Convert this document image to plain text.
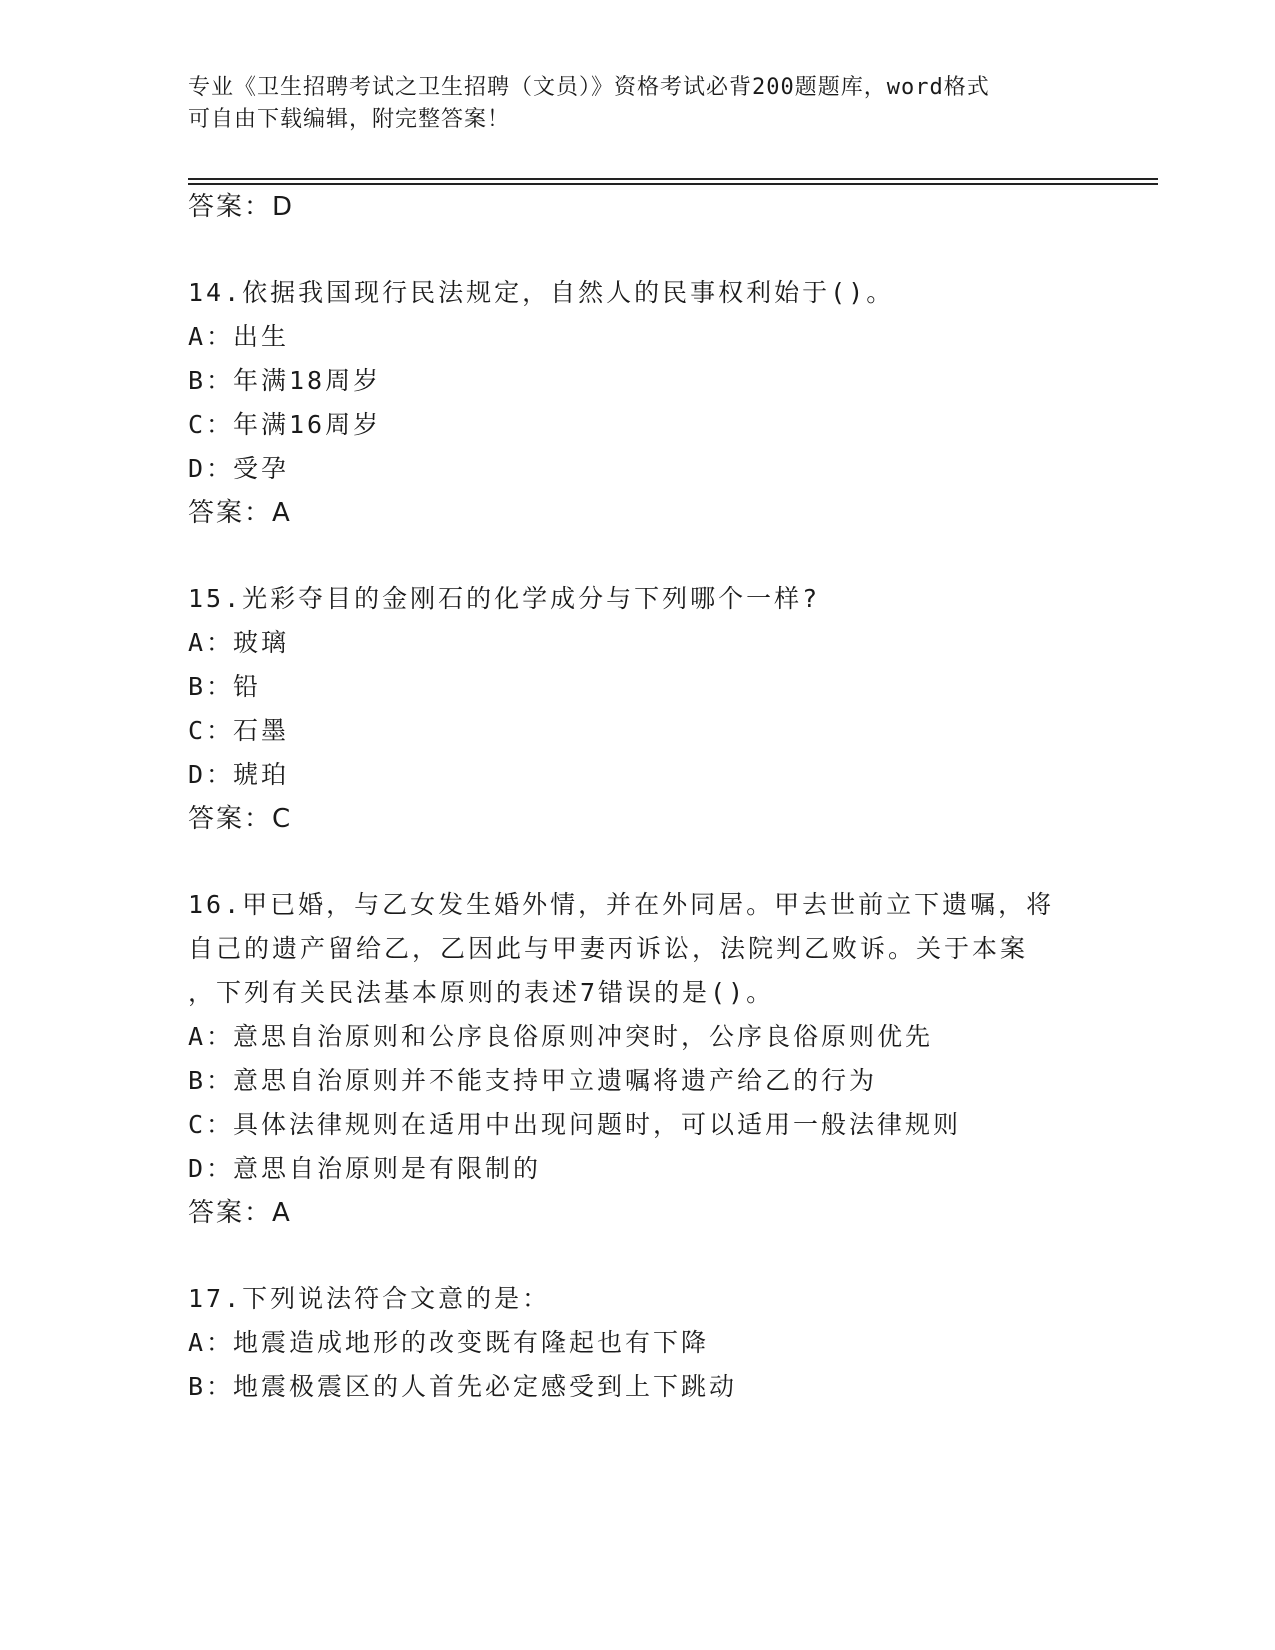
专业《卫生招聘考试之卫生招聘（文员）》资格考试必背200题题库，word格式
可自由下载编辑，附完整答案！
答案：D
14.依据我国现行民法规定，自然人的民事权利始于()。
A：出生
B：年满18周岁
C：年满16周岁
D：受孕
答案：A
15.光彩夺目的金刚石的化学成分与下列哪个一样?
A：玻璃
B：铅
C：石墨
D：琥珀
答案：C
16.甲已婚，与乙女发生婚外情，并在外同居。甲去世前立下遗嘱，将
自己的遗产留给乙，乙因此与甲妻丙诉讼，法院判乙败诉。关于本案
，下列有关民法基本原则的表述7错误的是()。
A：意思自治原则和公序良俗原则冲突时，公序良俗原则优先
B：意思自治原则并不能支持甲立遗嘱将遗产给乙的行为
C：具体法律规则在适用中出现问题时，可以适用一般法律规则
D：意思自治原则是有限制的
答案：A
17.下列说法符合文意的是：
A：地震造成地形的改变既有隆起也有下降
B：地震极震区的人首先必定感受到上下跳动
